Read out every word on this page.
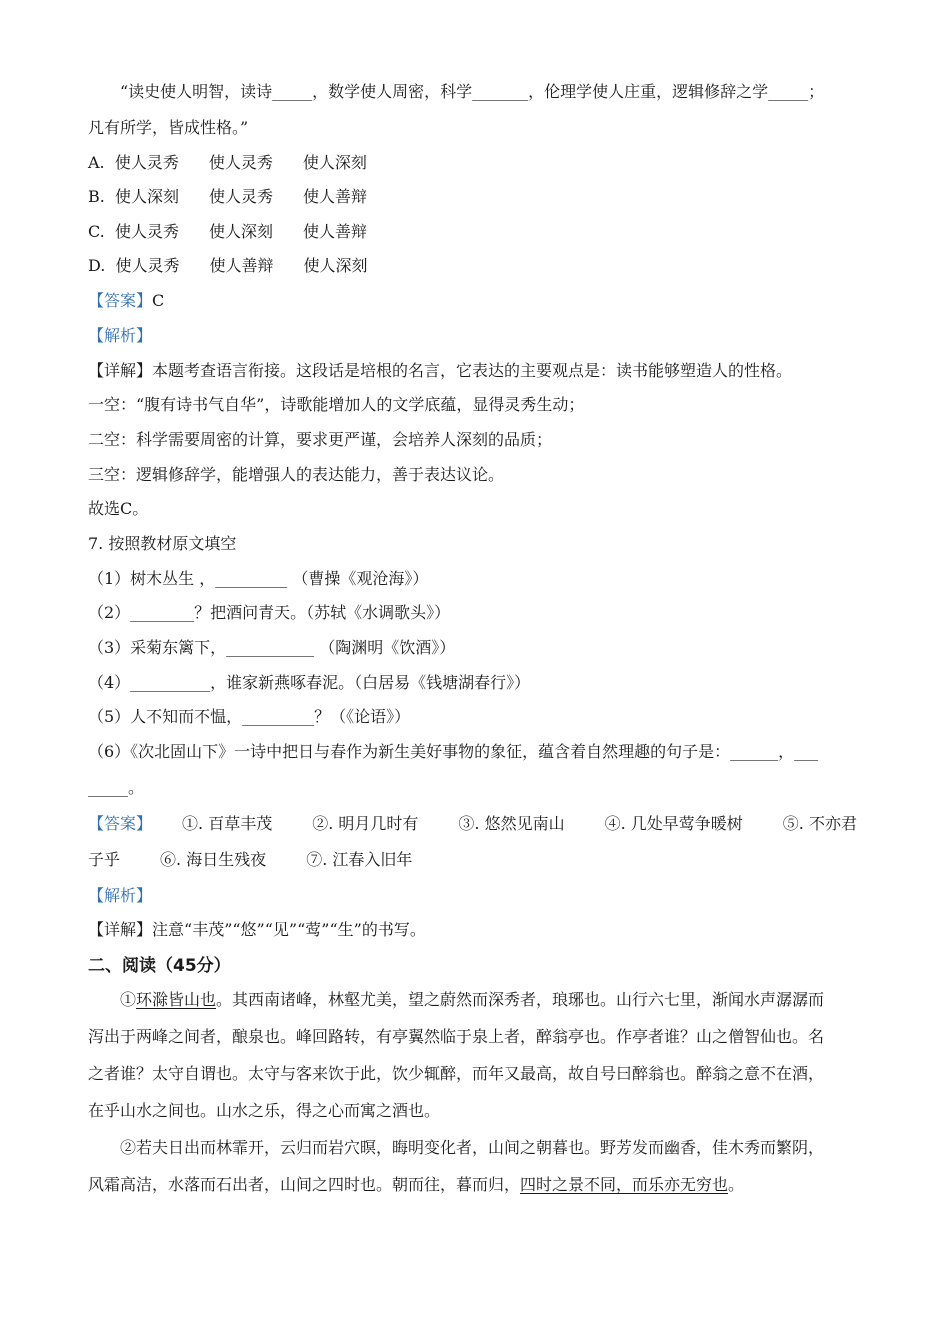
“读史使人明智，读诗_____，数学使人周密，科学_______，伦理学使人庄重，逻辑修辞之学_____；
凡有所学，皆成性格。”
A. 使人灵秀 使人灵秀 使人深刻
B. 使人深刻 使人灵秀 使人善辩
C. 使人灵秀 使人深刻 使人善辩
D. 使人灵秀 使人善辩 使人深刻
【答案】C
【解析】
【详解】本题考查语言衔接。这段话是培根的名言，它表达的主要观点是：读书能够塑造人的性格。
一空：“腹有诗书气自华”，诗歌能增加人的文学底蕴，显得灵秀生动；
二空：科学需要周密的计算，要求更严谨，会培养人深刻的品质；
三空：逻辑修辞学，能增强人的表达能力，善于表达议论。
故选C。
7. 按照教材原文填空
（1）树木丛生 ，_________ （曹操《观沧海》）
（2）________？把酒问青天。（苏轼《水调歌头》）
（3）采菊东篱下，___________ （陶渊明《饮酒》）
（4）__________，谁家新燕啄春泥。（白居易《钱塘湖春行》）
（5）人不知而不愠，_________？（《论语》）
（6）《次北固山下》一诗中把日与春作为新生美好事物的象征，蕴含着自然理趣的句子是：______，___
_____。
【答案】 ①. 百草丰茂	②. 明月几时有	③. 悠然见南山	④. 几处早莺争暖树	⑤. 不亦君
子乎	⑥. 海日生残夜	⑦. 江春入旧年
【解析】
【详解】注意“丰茂”“悠”“见”“莺”“生”的书写。
二、阅读（45分）
①环滁皆山也。其西南诸峰，林壑尤美，望之蔚然而深秀者，琅琊也。山行六七里，渐闻水声潺潺而
泻出于两峰之间者，酿泉也。峰回路转，有亭翼然临于泉上者，醉翁亭也。作亭者谁？山之僧智仙也。名
之者谁？太守自谓也。太守与客来饮于此，饮少辄醉，而年又最高，故自号曰醉翁也。醉翁之意不在酒，
在乎山水之间也。山水之乐，得之心而寓之酒也。
②若夫日出而林霏开，云归而岩穴暝，晦明变化者，山间之朝暮也。野芳发而幽香，佳木秀而繁阴，
风霜高洁，水落而石出者，山间之四时也。朝而往，暮而归，四时之景不同，而乐亦无穷也。
